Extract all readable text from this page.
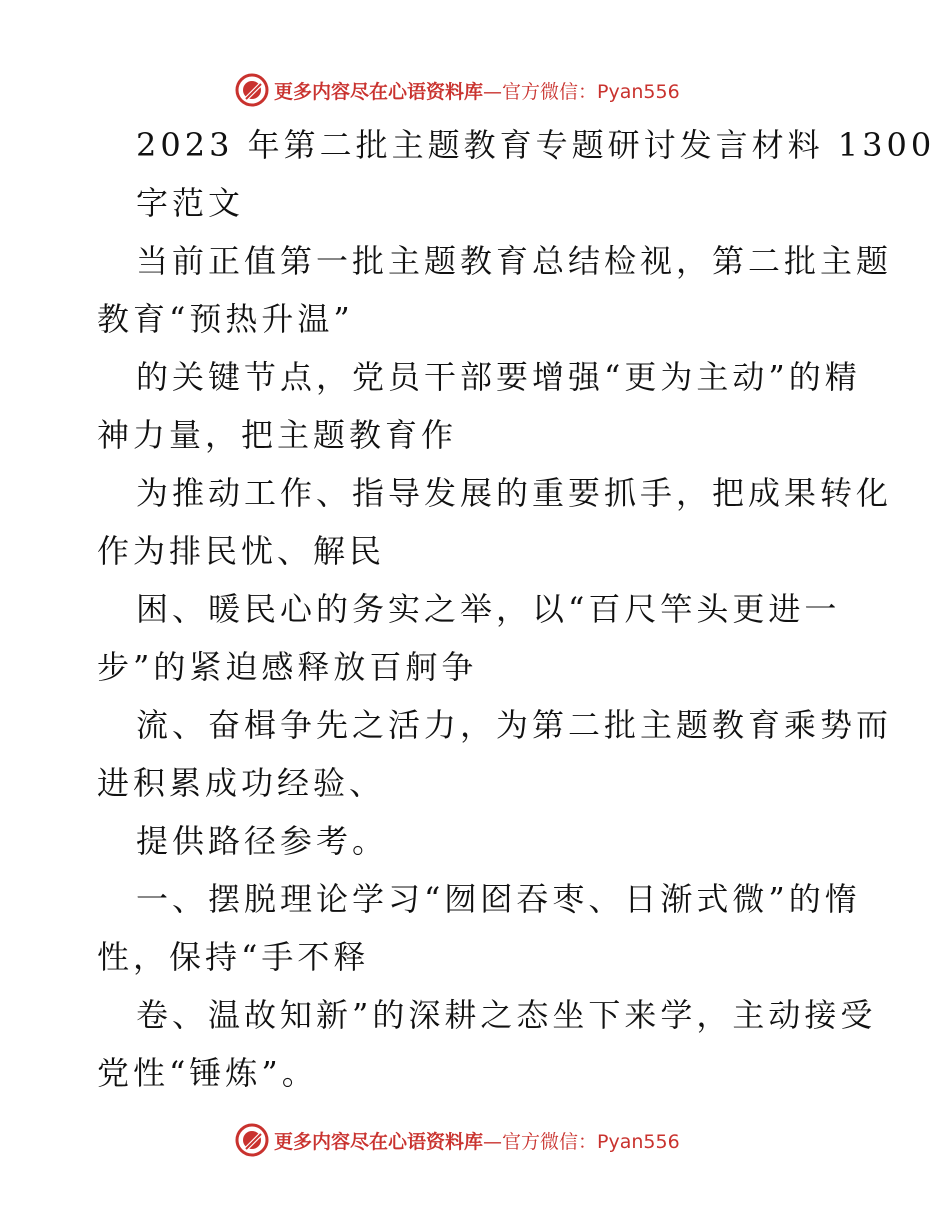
更多内容尽在心语资料库—官方微信：Pyan556
2023 年第二批主题教育专题研讨发言材料 1300
字范文
当前正值第一批主题教育总结检视，第二批主题
教育“预热升温”
的关键节点，党员干部要增强“更为主动”的精
神力量，把主题教育作
为推动工作、指导发展的重要抓手，把成果转化
作为排民忧、解民
困、暖民心的务实之举，以“百尺竿头更进一
步”的紧迫感释放百舸争
流、奋楫争先之活力，为第二批主题教育乘势而
进积累成功经验、
提供路径参考。
一、摆脱理论学习“囫囵吞枣、日渐式微”的惰
性，保持“手不释
卷、温故知新”的深耕之态坐下来学，主动接受
党性“锤炼”。
更多内容尽在心语资料库—官方微信：Pyan556
